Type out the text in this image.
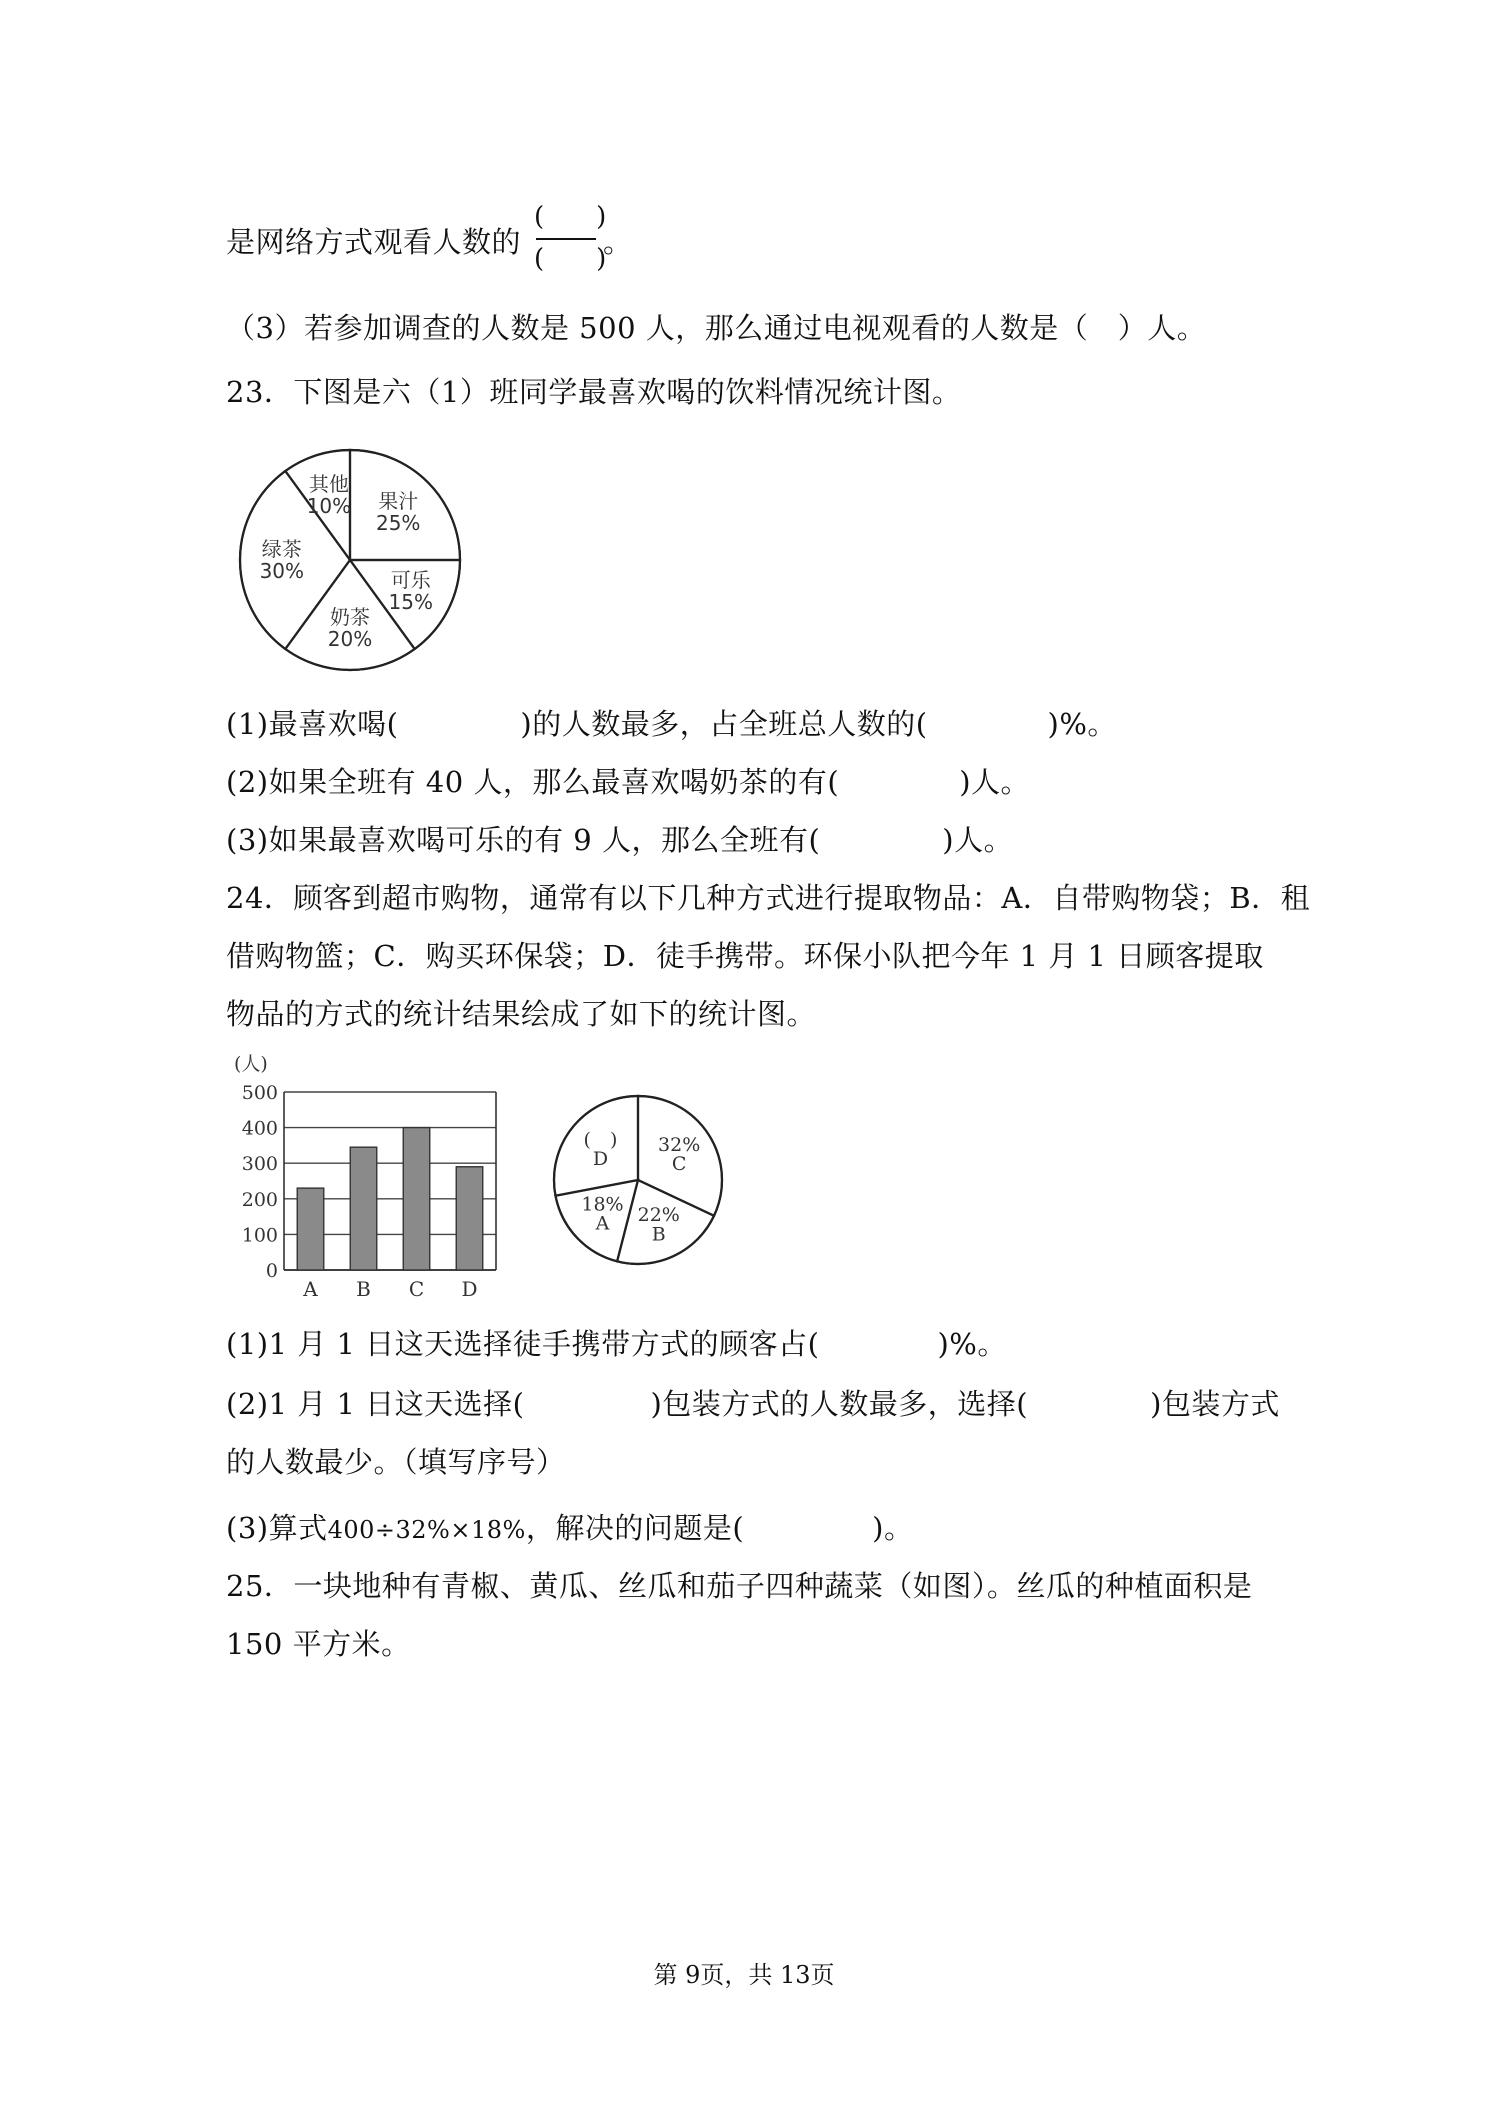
是网络方式观看人数的
(　　)
(　　)
。
（3）若参加调查的人数是 500 人，那么通过电视观看的人数是（　）人。
23．下图是六（1）班同学最喜欢喝的饮料情况统计图。
果汁
25%
可乐
15%
奶茶
20%
绿茶
30%
其他
10%
(1)最喜欢喝(	)的人数最多，占全班总人数的(	)%。
(2)如果全班有 40 人，那么最喜欢喝奶茶的有(	)人。
(3)如果最喜欢喝可乐的有 9 人，那么全班有(	)人。
24．顾客到超市购物，通常有以下几种方式进行提取物品：A．自带购物袋；B．租
借购物篮；C．购买环保袋；D．徒手携带。环保小队把今年 1 月 1 日顾客提取
物品的方式的统计结果绘成了如下的统计图。
(人)
0
100
200
300
400
500
A B C D
32%
C
22%
B
18%
A
(　)
D
(1)1 月 1 日这天选择徒手携带方式的顾客占(	)%。
(2)1 月 1 日这天选择(	)包装方式的人数最多，选择(	)包装方式
的人数最少。（填写序号）
(3)算式400÷32%×18%，解决的问题是(	)。
25．一块地种有青椒、黄瓜、丝瓜和茄子四种蔬菜（如图）。丝瓜的种植面积是
150 平方米。
第 9页，共 13页
